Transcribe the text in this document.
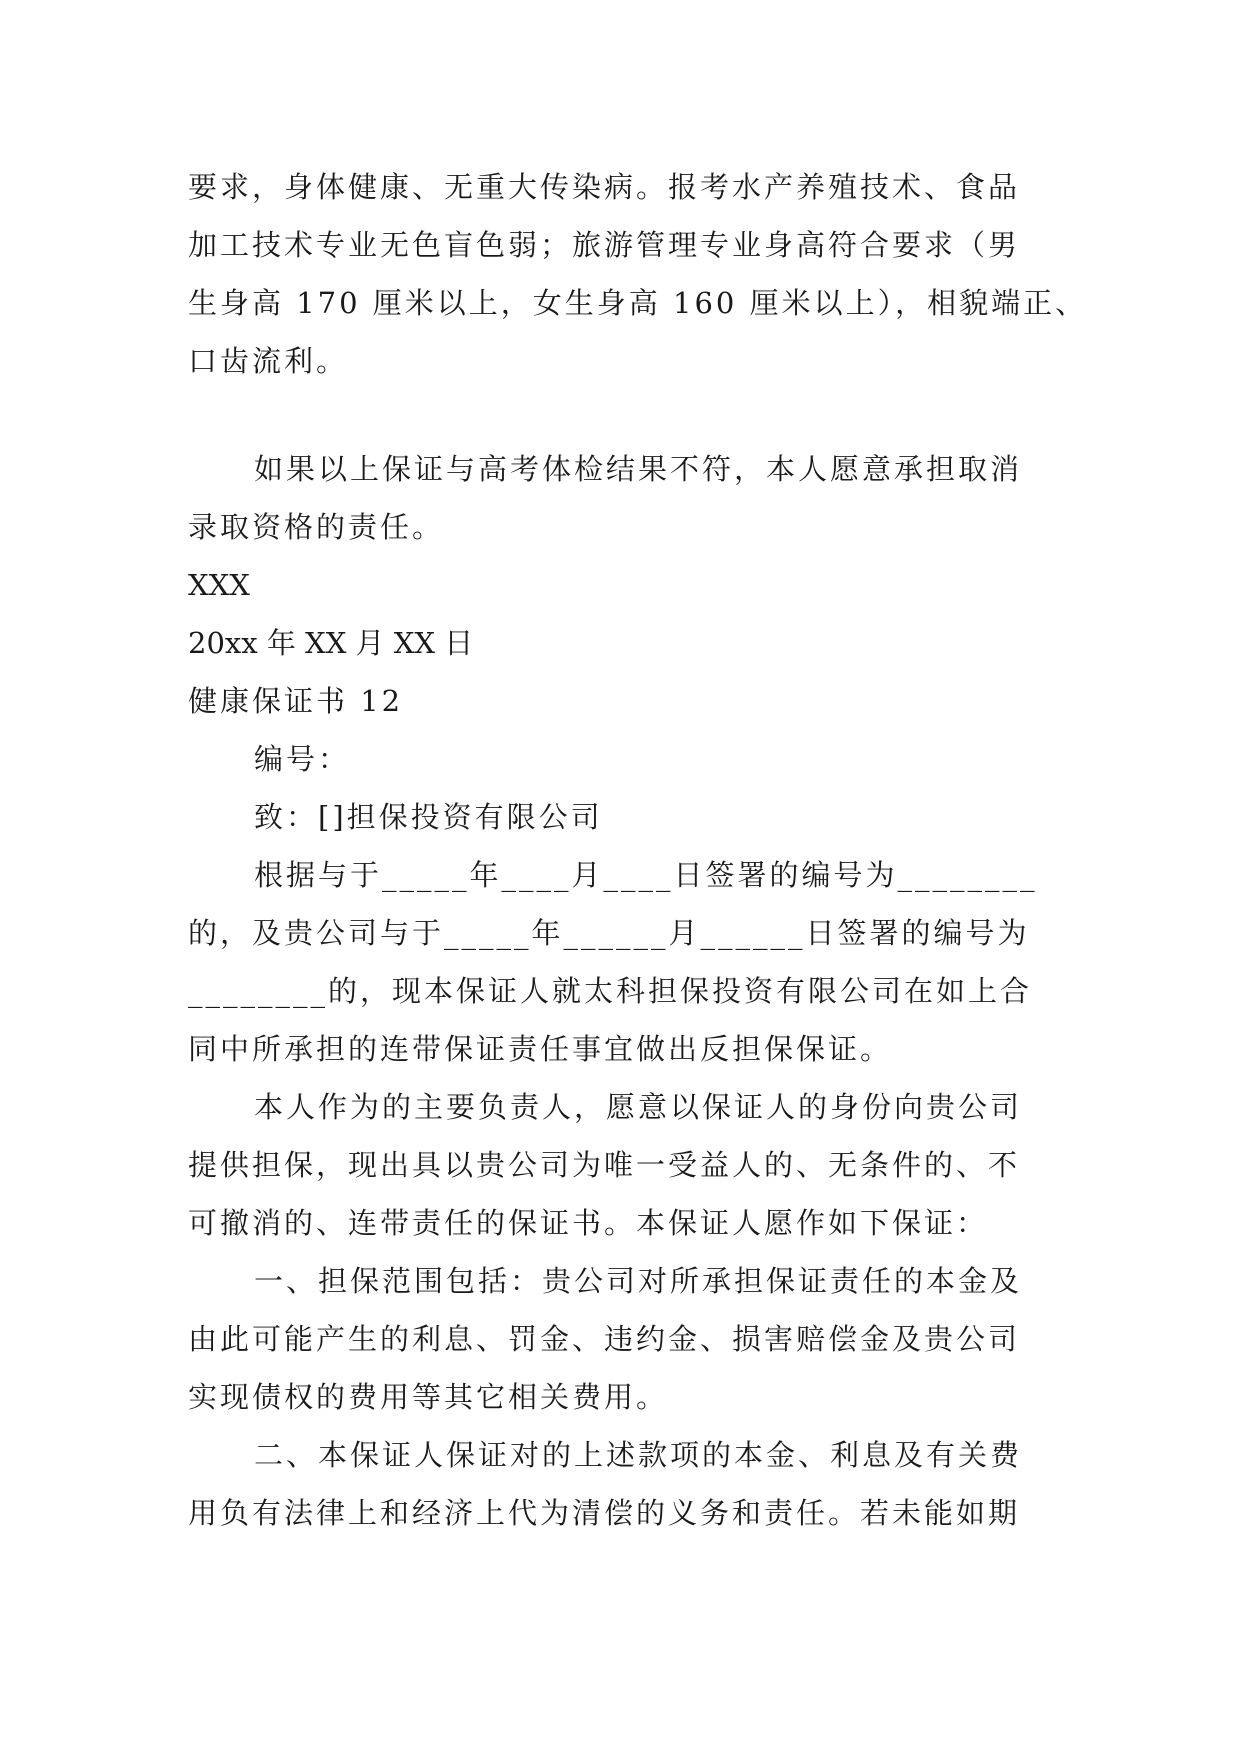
要求，身体健康、无重大传染病。报考水产养殖技术、食品
加工技术专业无色盲色弱；旅游管理专业身高符合要求（男
生身高 170 厘米以上，女生身高 160 厘米以上），相貌端正、
口齿流利。
如果以上保证与高考体检结果不符，本人愿意承担取消
录取资格的责任。
XXX
20xx 年 XX 月 XX 日
健康保证书 12
编号：
致：[]担保投资有限公司
根据与于_____年____月____日签署的编号为________
的，及贵公司与于_____年______月______日签署的编号为
________的，现本保证人就太科担保投资有限公司在如上合
同中所承担的连带保证责任事宜做出反担保保证。
本人作为的主要负责人，愿意以保证人的身份向贵公司
提供担保，现出具以贵公司为唯一受益人的、无条件的、不
可撤消的、连带责任的保证书。本保证人愿作如下保证：
一、担保范围包括：贵公司对所承担保证责任的本金及
由此可能产生的利息、罚金、违约金、损害赔偿金及贵公司
实现债权的费用等其它相关费用。
二、本保证人保证对的上述款项的本金、利息及有关费
用负有法律上和经济上代为清偿的义务和责任。若未能如期
